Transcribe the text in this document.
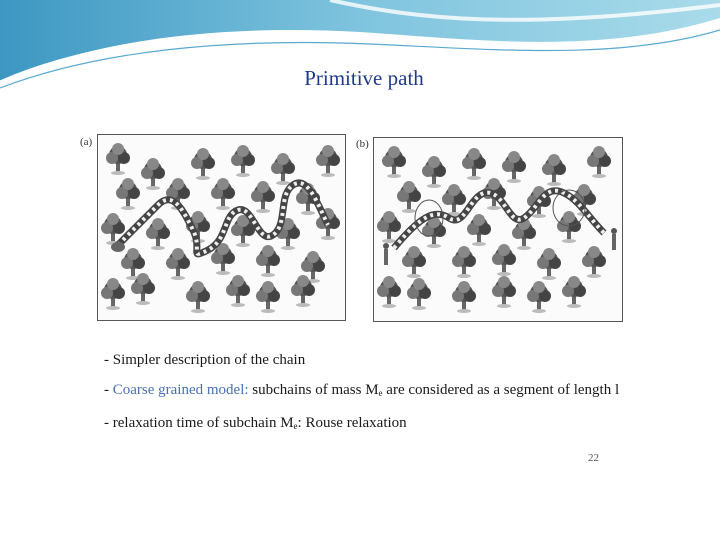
Primitive path
(a)	(b)
- Simpler description of the chain
- Coarse grained model: subchains of mass $M_e$ are considered as a segment of length l
- relaxation time of subchain $M_e$: Rouse relaxation
22
